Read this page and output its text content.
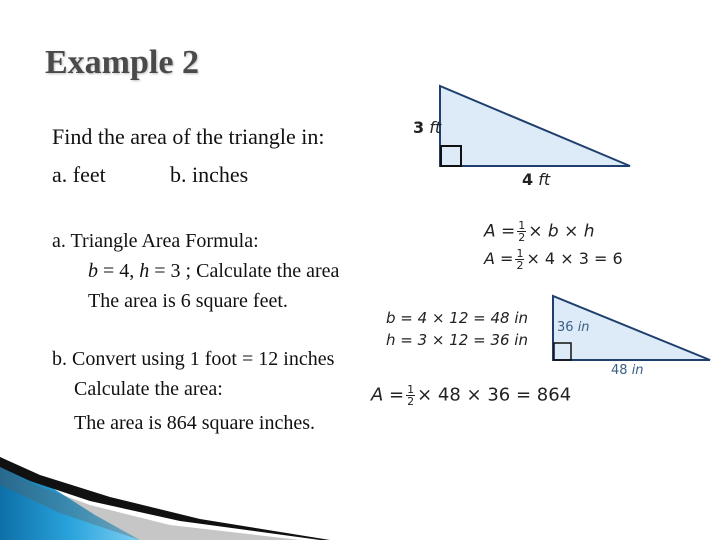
Example 2
Find the area of the triangle in:
a. feet	b. inches
a. Triangle Area Formula:
b = 4, h = 3 ; Calculate the area
The area is 6 square feet.
b. Convert using 1 foot = 12 inches
Calculate the area:
The area is 864 square inches.
3 ft
4 ft
$A = \frac{1}{2} \times b \times h$
$A = \frac{1}{2} \times 4 \times 3 = 6$
b = 4 × 12 = 48 in
h = 3 × 12 = 36 in
36 in
48 in
$A = \frac{1}{2} \times 48 \times 36 = 864$
